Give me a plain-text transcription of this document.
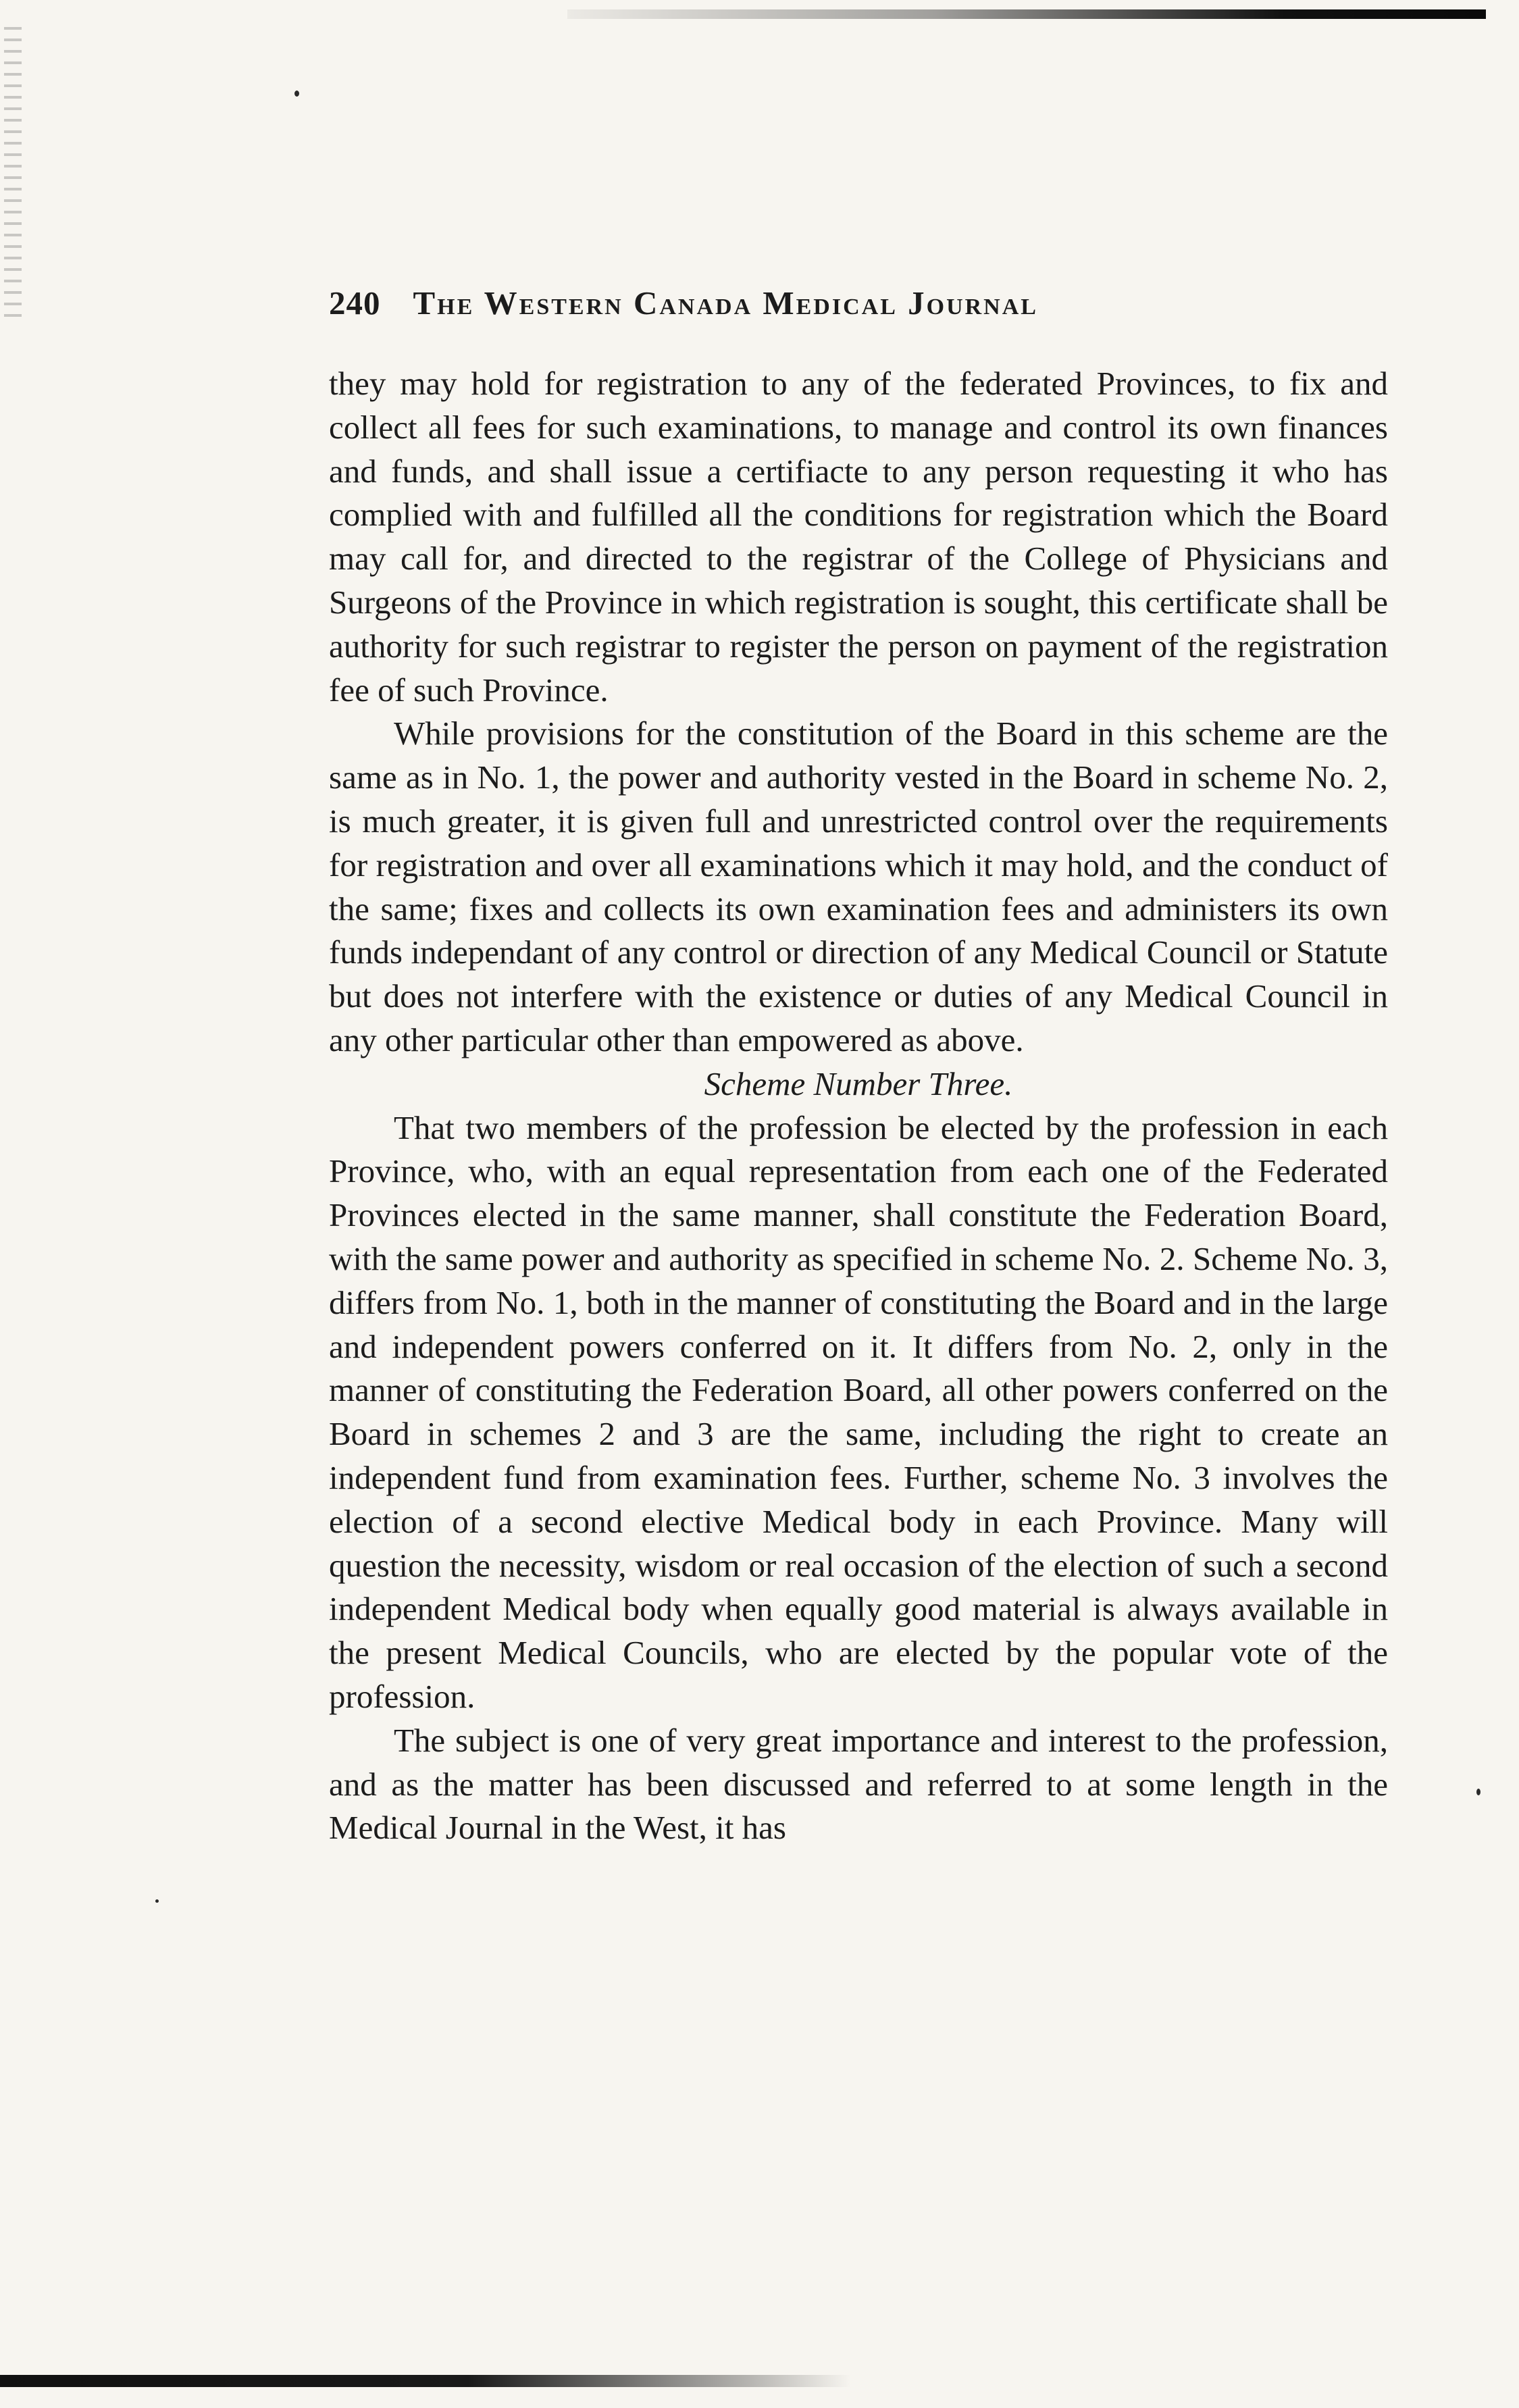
240 The Western Canada Medical Journal

they may hold for registration to any of the federated Provinces, to fix and collect all fees for such examinations, to manage and control its own finances and funds, and shall issue a certifiacte to any person requesting it who has complied with and fulfilled all the conditions for registration which the Board may call for, and directed to the registrar of the College of Physicians and Surgeons of the Province in which registration is sought, this certificate shall be authority for such registrar to register the person on payment of the registration fee of such Province.

While provisions for the constitution of the Board in this scheme are the same as in No. 1, the power and authority vested in the Board in scheme No. 2, is much greater, it is given full and unrestricted control over the requirements for registration and over all examinations which it may hold, and the conduct of the same; fixes and collects its own examination fees and administers its own funds independant of any control or direction of any Medical Council or Statute but does not interfere with the existence or duties of any Medical Council in any other particular other than empowered as above.

Scheme Number Three.

That two members of the profession be elected by the profession in each Province, who, with an equal representation from each one of the Federated Provinces elected in the same manner, shall constitute the Federation Board, with the same power and authority as specified in scheme No. 2. Scheme No. 3, differs from No. 1, both in the manner of constituting the Board and in the large and independent powers conferred on it. It differs from No. 2, only in the manner of constituting the Federation Board, all other powers conferred on the Board in schemes 2 and 3 are the same, including the right to create an independent fund from examination fees. Further, scheme No. 3 involves the election of a second elective Medical body in each Province. Many will question the necessity, wisdom or real occasion of the election of such a second independent Medical body when equally good material is always available in the present Medical Councils, who are elected by the popular vote of the profession.

The subject is one of very great importance and interest to the profession, and as the matter has been discussed and referred to at some length in the Medical Journal in the West, it has
